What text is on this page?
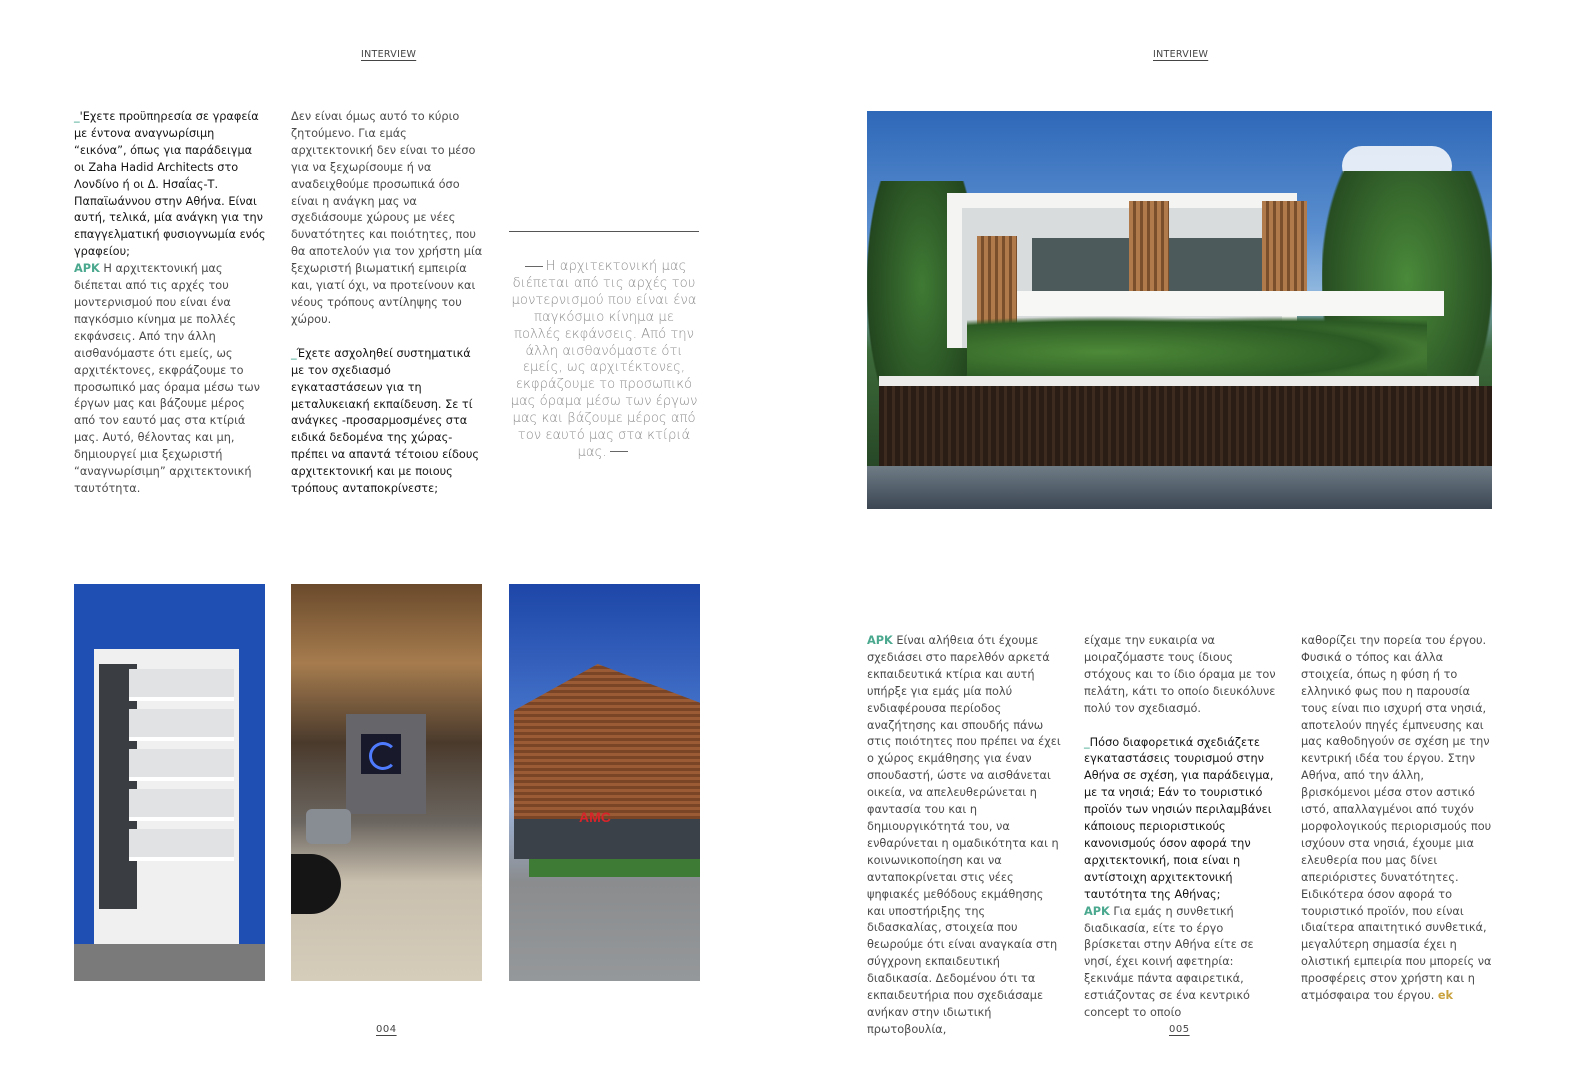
INTERVIEW

_'Εχετε προϋπηρεσία σε γραφεία με έντονα αναγνωρίσιμη “εικόνα”, όπως για παράδειγμα οι Zaha Hadid Architects στο Λονδίνο ή οι Δ. Ησαΐας-Τ. Παπαϊωάννου στην Αθήνα. Είναι αυτή, τελικά, μία ανάγκη για την επαγγελματική φυσιογνωμία ενός γραφείου;

ΑΡΚ Η αρχιτεκτονική μας διέπεται από τις αρχές του μοντερνισμού που είναι ένα παγκόσμιο κίνημα με πολλές εκφάνσεις. Από την άλλη αισθανόμαστε ότι εμείς, ως αρχιτέκτονες, εκφράζουμε το προσωπικό μας όραμα μέσω των έργων μας και βάζουμε μέρος από τον εαυτό μας στα κτίριά μας. Αυτό, θέλοντας και μη, δημιουργεί μια ξεχωριστή “αναγνωρίσιμη” αρχιτεκτονική ταυτότητα.

Δεν είναι όμως αυτό το κύριο ζητούμενο. Για εμάς αρχιτεκτονική δεν είναι το μέσο για να ξεχωρίσουμε ή να αναδειχθούμε προσωπικά όσο είναι η ανάγκη μας να σχεδιάσουμε χώρους με νέες δυνατότητες και ποιότητες, που θα αποτελούν για τον χρήστη μία ξεχωριστή βιωματική εμπειρία και, γιατί όχι, να προτείνουν και νέους τρόπους αντίληψης του χώρου.

_Έχετε ασχοληθεί συστηματικά με τον σχεδιασμό εγκαταστάσεων για τη μεταλυκειακή εκπαίδευση. Σε τί ανάγκες -προσαρμοσμένες στα ειδικά δεδομένα της χώρας- πρέπει να απαντά τέτοιου είδους αρχιτεκτονική και με ποιους τρόπους ανταποκρίνεστε;

Η αρχιτεκτονική μας διέπεται από τις αρχές του μοντερνισμού που είναι ένα παγκόσμιο κίνημα με πολλές εκφάνσεις. Από την άλλη αισθανόμαστε ότι εμείς, ως αρχιτέκτονες, εκφράζουμε το προσωπικό μας όραμα μέσω των έργων μας και βάζουμε μέρος από τον εαυτό μας στα κτίριά μας.
AMC
004
INTERVIEW
005

ΑΡΚ Είναι αλήθεια ότι έχουμε σχεδιάσει στο παρελθόν αρκετά εκπαιδευτικά κτίρια και αυτή υπήρξε για εμάς μία πολύ ενδιαφέρουσα περίοδος αναζήτησης και σπουδής πάνω στις ποιότητες που πρέπει να έχει ο χώρος εκμάθησης για έναν σπουδαστή, ώστε να αισθάνεται οικεία, να απελευθερώνεται η φαντασία του και η δημιουργικότητά του, να ενθαρύνεται η ομαδικότητα και η κοινωνικοποίηση και να ανταποκρίνεται στις νέες ψηφιακές μεθόδους εκμάθησης και υποστήριξης της διδασκαλίας, στοιχεία που θεωρούμε ότι είναι αναγκαία στη σύγχρονη εκπαιδευτική διαδικασία. Δεδομένου ότι τα εκπαιδευτήρια που σχεδιάσαμε ανήκαν στην ιδιωτική πρωτοβουλία,

είχαμε την ευκαιρία να μοιραζόμαστε τους ίδιους στόχους και το ίδιο όραμα με τον πελάτη, κάτι το οποίο διευκόλυνε πολύ τον σχεδιασμό.

_Πόσο διαφορετικά σχεδιάζετε εγκαταστάσεις τουρισμού στην Αθήνα σε σχέση, για παράδειγμα, με τα νησιά; Εάν το τουριστικό προϊόν των νησιών περιλαμβάνει κάποιους περιοριστικούς κανονισμούς όσον αφορά την αρχιτεκτονική, ποια είναι η αντίστοιχη αρχιτεκτονική ταυτότητα της Αθήνας;

ΑΡΚ Για εμάς η συνθετική διαδικασία, είτε το έργο βρίσκεται στην Αθήνα είτε σε νησί, έχει κοινή αφετηρία: ξεκινάμε πάντα αφαιρετικά, εστιάζοντας σε ένα κεντρικό concept το οποίο

καθορίζει την πορεία του έργου. Φυσικά ο τόπος και άλλα στοιχεία, όπως η φύση ή το ελληνικό φως που η παρουσία τους είναι πιο ισχυρή στα νησιά, αποτελούν πηγές έμπνευσης και μας καθοδηγούν σε σχέση με την κεντρική ιδέα του έργου. Στην Αθήνα, από την άλλη, βρισκόμενοι μέσα στον αστικό ιστό, απαλλαγμένοι από τυχόν μορφολογικούς περιορισμούς που ισχύουν στα νησιά, έχουμε μια ελευθερία που μας δίνει απεριόριστες δυνατότητες. Ειδικότερα όσον αφορά το τουριστικό προϊόν, που είναι ιδιαίτερα απαιτητικό συνθετικά, μεγαλύτερη σημασία έχει η ολιστική εμπειρία που μπορείς να προσφέρεις στον χρήστη και η ατμόσφαιρα του έργου. ek
